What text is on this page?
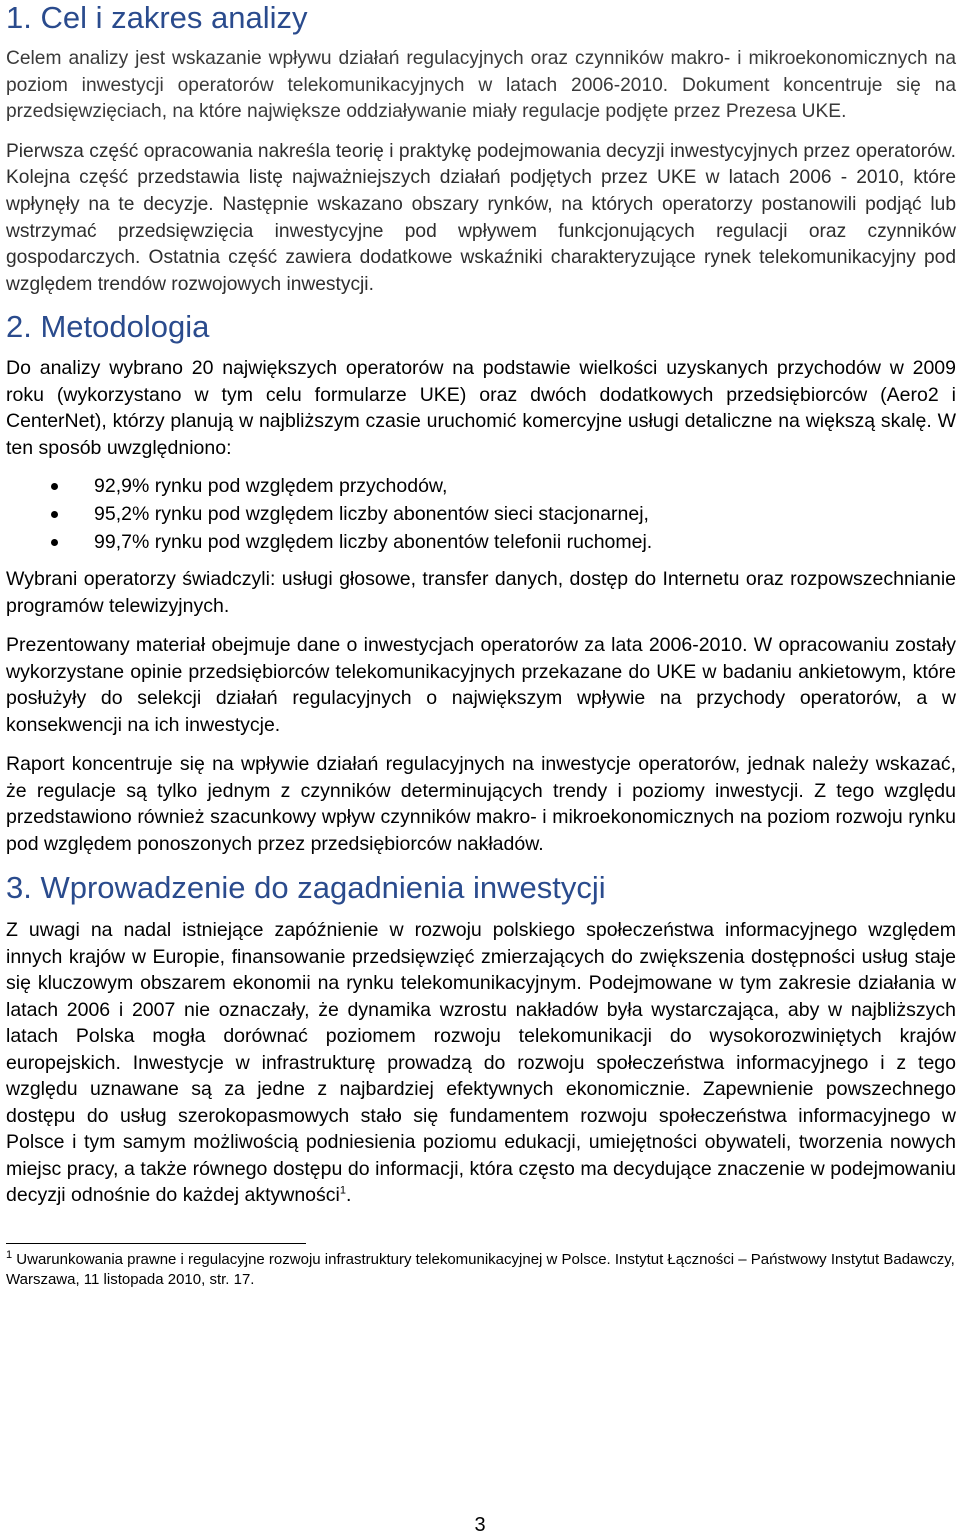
1. Cel i zakres analizy

Celem analizy jest wskazanie wpływu działań regulacyjnych oraz czynników makro- i mikroekonomicznych na poziom inwestycji operatorów telekomunikacyjnych w latach 2006-2010. Dokument koncentruje się na przedsięwzięciach, na które największe oddziaływanie miały regulacje podjęte przez Prezesa UKE.

Pierwsza część opracowania nakreśla teorię i praktykę podejmowania decyzji inwestycyjnych przez operatorów. Kolejna część przedstawia listę najważniejszych działań podjętych przez UKE w latach 2006 - 2010, które wpłynęły na te decyzje. Następnie wskazano obszary rynków, na których operatorzy postanowili podjąć lub wstrzymać przedsięwzięcia inwestycyjne pod wpływem funkcjonujących regulacji oraz czynników gospodarczych. Ostatnia część zawiera dodatkowe wskaźniki charakteryzujące rynek telekomunikacyjny pod względem trendów rozwojowych inwestycji.

2. Metodologia

Do analizy wybrano 20 największych operatorów na podstawie wielkości uzyskanych przychodów w 2009 roku (wykorzystano w tym celu formularze UKE) oraz dwóch dodatkowych przedsiębiorców (Aero2 i CenterNet), którzy planują w najbliższym czasie uruchomić komercyjne usługi detaliczne na większą skalę. W ten sposób uwzględniono:

92,9% rynku pod względem przychodów,
95,2% rynku pod względem liczby abonentów sieci stacjonarnej,
99,7% rynku pod względem liczby abonentów telefonii ruchomej.

Wybrani operatorzy świadczyli: usługi głosowe, transfer danych, dostęp do Internetu oraz rozpowszechnianie programów telewizyjnych.

Prezentowany materiał obejmuje dane o inwestycjach operatorów za lata 2006-2010. W opracowaniu zostały wykorzystane opinie przedsiębiorców telekomunikacyjnych przekazane do UKE w badaniu ankietowym, które posłużyły do selekcji działań regulacyjnych o największym wpływie na przychody operatorów, a w konsekwencji na ich inwestycje.

Raport koncentruje się na wpływie działań regulacyjnych na inwestycje operatorów, jednak należy wskazać, że regulacje są tylko jednym z czynników determinujących trendy i poziomy inwestycji. Z tego względu przedstawiono również szacunkowy wpływ czynników makro- i mikroekonomicznych na poziom rozwoju rynku pod względem ponoszonych przez przedsiębiorców nakładów.

3. Wprowadzenie do zagadnienia inwestycji

Z uwagi na nadal istniejące zapóźnienie w rozwoju polskiego społeczeństwa informacyjnego względem innych krajów w Europie, finansowanie przedsięwzięć zmierzających do zwiększenia dostępności usług staje się kluczowym obszarem ekonomii na rynku telekomunikacyjnym. Podejmowane w tym zakresie działania w latach 2006 i 2007 nie oznaczały, że dynamika wzrostu nakładów była wystarczająca, aby w najbliższych latach Polska mogła dorównać poziomem rozwoju telekomunikacji do wysokorozwiniętych krajów europejskich. Inwestycje w infrastrukturę prowadzą do rozwoju społeczeństwa informacyjnego i z tego względu uznawane są za jedne z najbardziej efektywnych ekonomicznie. Zapewnienie powszechnego dostępu do usług szerokopasmowych stało się fundamentem rozwoju społeczeństwa informacyjnego w Polsce i tym samym możliwością podniesienia poziomu edukacji, umiejętności obywateli, tworzenia nowych miejsc pracy, a także równego dostępu do informacji, która często ma decydujące znaczenie w podejmowaniu decyzji odnośnie do każdej aktywności$^1$.

$^1$ Uwarunkowania prawne i regulacyjne rozwoju infrastruktury telekomunikacyjnej w Polsce. Instytut Łączności – Państwowy Instytut Badawczy, Warszawa, 11 listopada 2010, str. 17.

3
